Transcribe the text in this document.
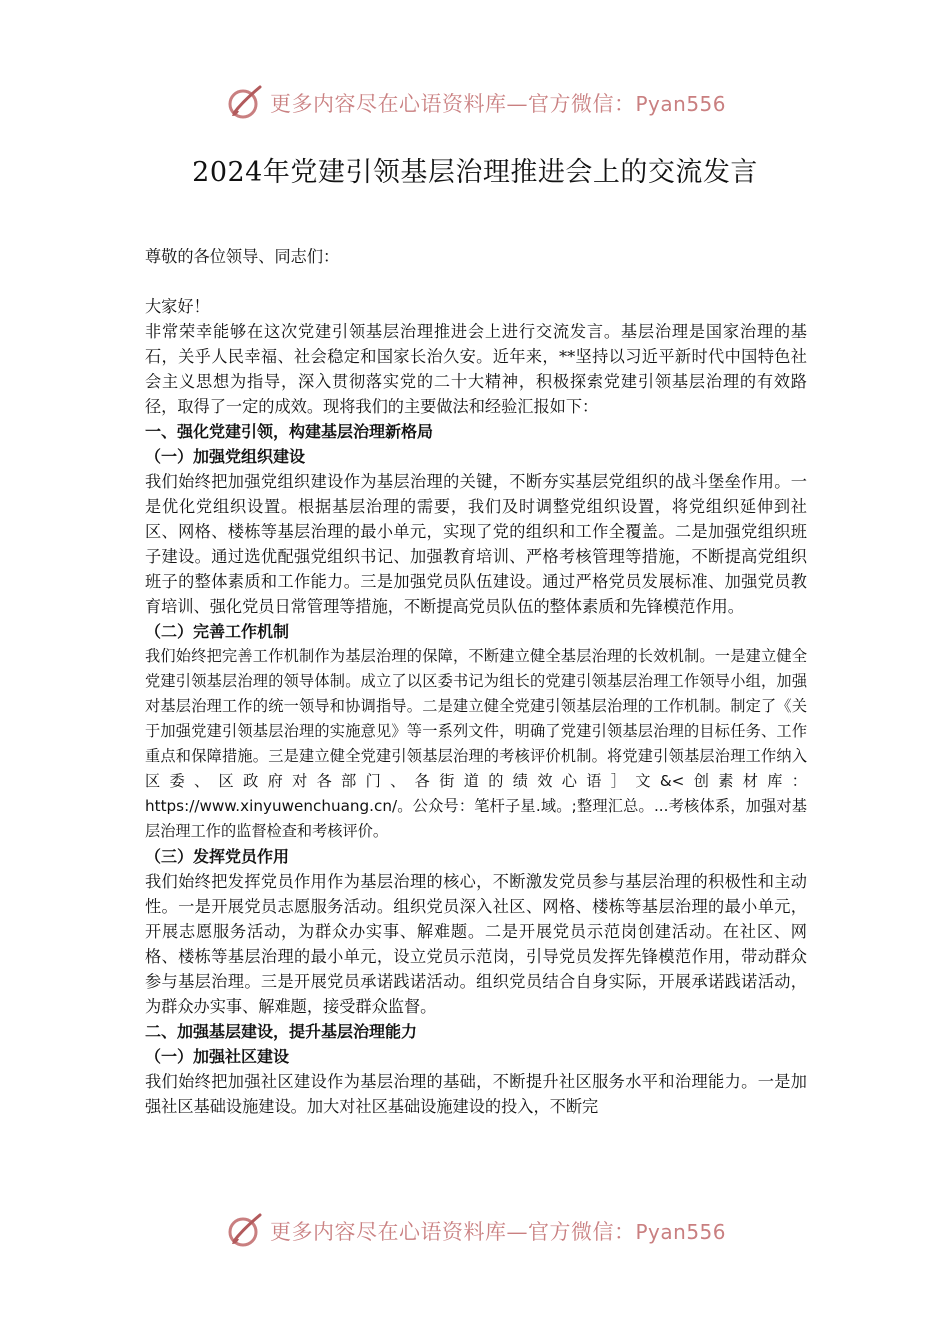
更多内容尽在心语资料库—官方微信：Pyan556
2024年党建引领基层治理推进会上的交流发言

尊敬的各位领导、同志们：

大家好！

非常荣幸能够在这次党建引领基层治理推进会上进行交流发言。基层治理是国家治理的基石，关乎人民幸福、社会稳定和国家长治久安。近年来，**坚持以习近平新时代中国特色社会主义思想为指导，深入贯彻落实党的二十大精神，积极探索党建引领基层治理的有效路径，取得了一定的成效。现将我们的主要做法和经验汇报如下：

一、强化党建引领，构建基层治理新格局

（一）加强党组织建设

我们始终把加强党组织建设作为基层治理的关键，不断夯实基层党组织的战斗堡垒作用。一是优化党组织设置。根据基层治理的需要，我们及时调整党组织设置，将党组织延伸到社区、网格、楼栋等基层治理的最小单元，实现了党的组织和工作全覆盖。二是加强党组织班子建设。通过选优配强党组织书记、加强教育培训、严格考核管理等措施，不断提高党组织班子的整体素质和工作能力。三是加强党员队伍建设。通过严格党员发展标准、加强党员教育培训、强化党员日常管理等措施，不断提高党员队伍的整体素质和先锋模范作用。

（二）完善工作机制

我们始终把完善工作机制作为基层治理的保障，不断建立健全基层治理的长效机制。一是建立健全党建引领基层治理的领导体制。成立了以区委书记为组长的党建引领基层治理工作领导小组，加强对基层治理工作的统一领导和协调指导。二是建立健全党建引领基层治理的工作机制。制定了《关于加强党建引领基层治理的实施意见》等一系列文件，明确了党建引领基层治理的目标任务、工作重点和保障措施。三是建立健全党建引领基层治理的考核评价机制。将党建引领基层治理工作纳入区委、区政府对各部门、各街道的绩效心语］文&<创素材库：https://www.xinyuwenchuang.cn/。公众号：笔杆子星.域。;整理汇总。...考核体系，加强对基层治理工作的监督检查和考核评价。

（三）发挥党员作用

我们始终把发挥党员作用作为基层治理的核心，不断激发党员参与基层治理的积极性和主动性。一是开展党员志愿服务活动。组织党员深入社区、网格、楼栋等基层治理的最小单元，开展志愿服务活动，为群众办实事、解难题。二是开展党员示范岗创建活动。在社区、网格、楼栋等基层治理的最小单元，设立党员示范岗，引导党员发挥先锋模范作用，带动群众参与基层治理。三是开展党员承诺践诺活动。组织党员结合自身实际，开展承诺践诺活动，为群众办实事、解难题，接受群众监督。

二、加强基层建设，提升基层治理能力

（一）加强社区建设

我们始终把加强社区建设作为基层治理的基础，不断提升社区服务水平和治理能力。一是加强社区基础设施建设。加大对社区基础设施建设的投入，不断完

更多内容尽在心语资料库—官方微信：Pyan556
